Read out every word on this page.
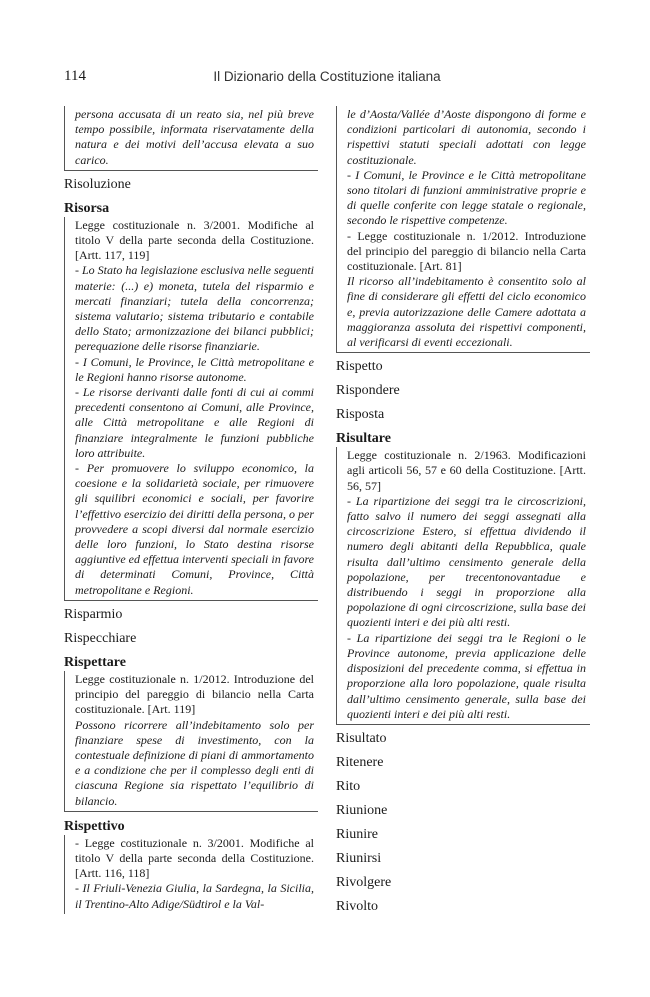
114	Il Dizionario della Costituzione italiana

persona accusata di un reato sia, nel più breve tempo possibile, informata riservatamente della natura e dei motivi dell’accusa elevata a suo carico.

Risoluzione
Risorsa

Legge costituzionale n. 3/2001. Modifiche al titolo V della parte seconda della Costituzione. [Artt. 117, 119]

- Lo Stato ha legislazione esclusiva nelle seguenti materie: (...) e) moneta, tutela del risparmio e mercati finanziari; tutela della concorrenza; sistema valutario; sistema tributario e contabile dello Stato; armonizzazione dei bilanci pubblici; perequazione delle risorse finanziarie.

- I Comuni, le Province, le Città metropolitane e le Regioni hanno risorse autonome.

- Le risorse derivanti dalle fonti di cui ai commi precedenti consentono ai Comuni, alle Province, alle Città metropolitane e alle Regioni di finanziare integralmente le funzioni pubbliche loro attribuite.

- Per promuovere lo sviluppo economico, la coesione e la solidarietà sociale, per rimuovere gli squilibri economici e sociali, per favorire l’effettivo esercizio dei diritti della persona, o per provvedere a scopi diversi dal normale esercizio delle loro funzioni, lo Stato destina risorse aggiuntive ed effettua interventi speciali in favore di determinati Comuni, Province, Città metropolitane e Regioni.

Risparmio
Rispecchiare
Rispettare

Legge costituzionale n. 1/2012. Introduzione del principio del pareggio di bilancio nella Carta costituzionale. [Art. 119]

Possono ricorrere all’indebitamento solo per finanziare spese di investimento, con la contestuale definizione di piani di ammortamento e a condizione che per il complesso degli enti di ciascuna Regione sia rispettato l’equilibrio di bilancio.

Rispettivo

- Legge costituzionale n. 3/2001. Modifiche al titolo V della parte seconda della Costituzione. [Artt. 116, 118]

- Il Friuli-Venezia Giulia, la Sardegna, la Sicilia, il Trentino-Alto Adige/Südtirol e la Val-

le d’Aosta/Vallée d’Aoste dispongono di forme e condizioni particolari di autonomia, secondo i rispettivi statuti speciali adottati con legge costituzionale.

- I Comuni, le Province e le Città metropolitane sono titolari di funzioni amministrative proprie e di quelle conferite con legge statale o regionale, secondo le rispettive competenze.

- Legge costituzionale n. 1/2012. Introduzione del principio del pareggio di bilancio nella Carta costituzionale. [Art. 81]

Il ricorso all’indebitamento è consentito solo al fine di considerare gli effetti del ciclo economico e, previa autorizzazione delle Camere adottata a maggioranza assoluta dei rispettivi componenti, al verificarsi di eventi eccezionali.

Rispetto
Rispondere
Risposta
Risultare

Legge costituzionale n. 2/1963. Modificazioni agli articoli 56, 57 e 60 della Costituzione. [Artt. 56, 57]

- La ripartizione dei seggi tra le circoscrizioni, fatto salvo il numero dei seggi assegnati alla circoscrizione Estero, si effettua dividendo il numero degli abitanti della Repubblica, quale risulta dall’ultimo censimento generale della popolazione, per trecentonovantadue e distribuendo i seggi in proporzione alla popolazione di ogni circoscrizione, sulla base dei quozienti interi e dei più alti resti.

- La ripartizione dei seggi tra le Regioni o le Province autonome, previa applicazione delle disposizioni del precedente comma, si effettua in proporzione alla loro popolazione, quale risulta dall’ultimo censimento generale, sulla base dei quozienti interi e dei più alti resti.

Risultato
Ritenere
Rito
Riunione
Riunire
Riunirsi
Rivolgere
Rivolto
